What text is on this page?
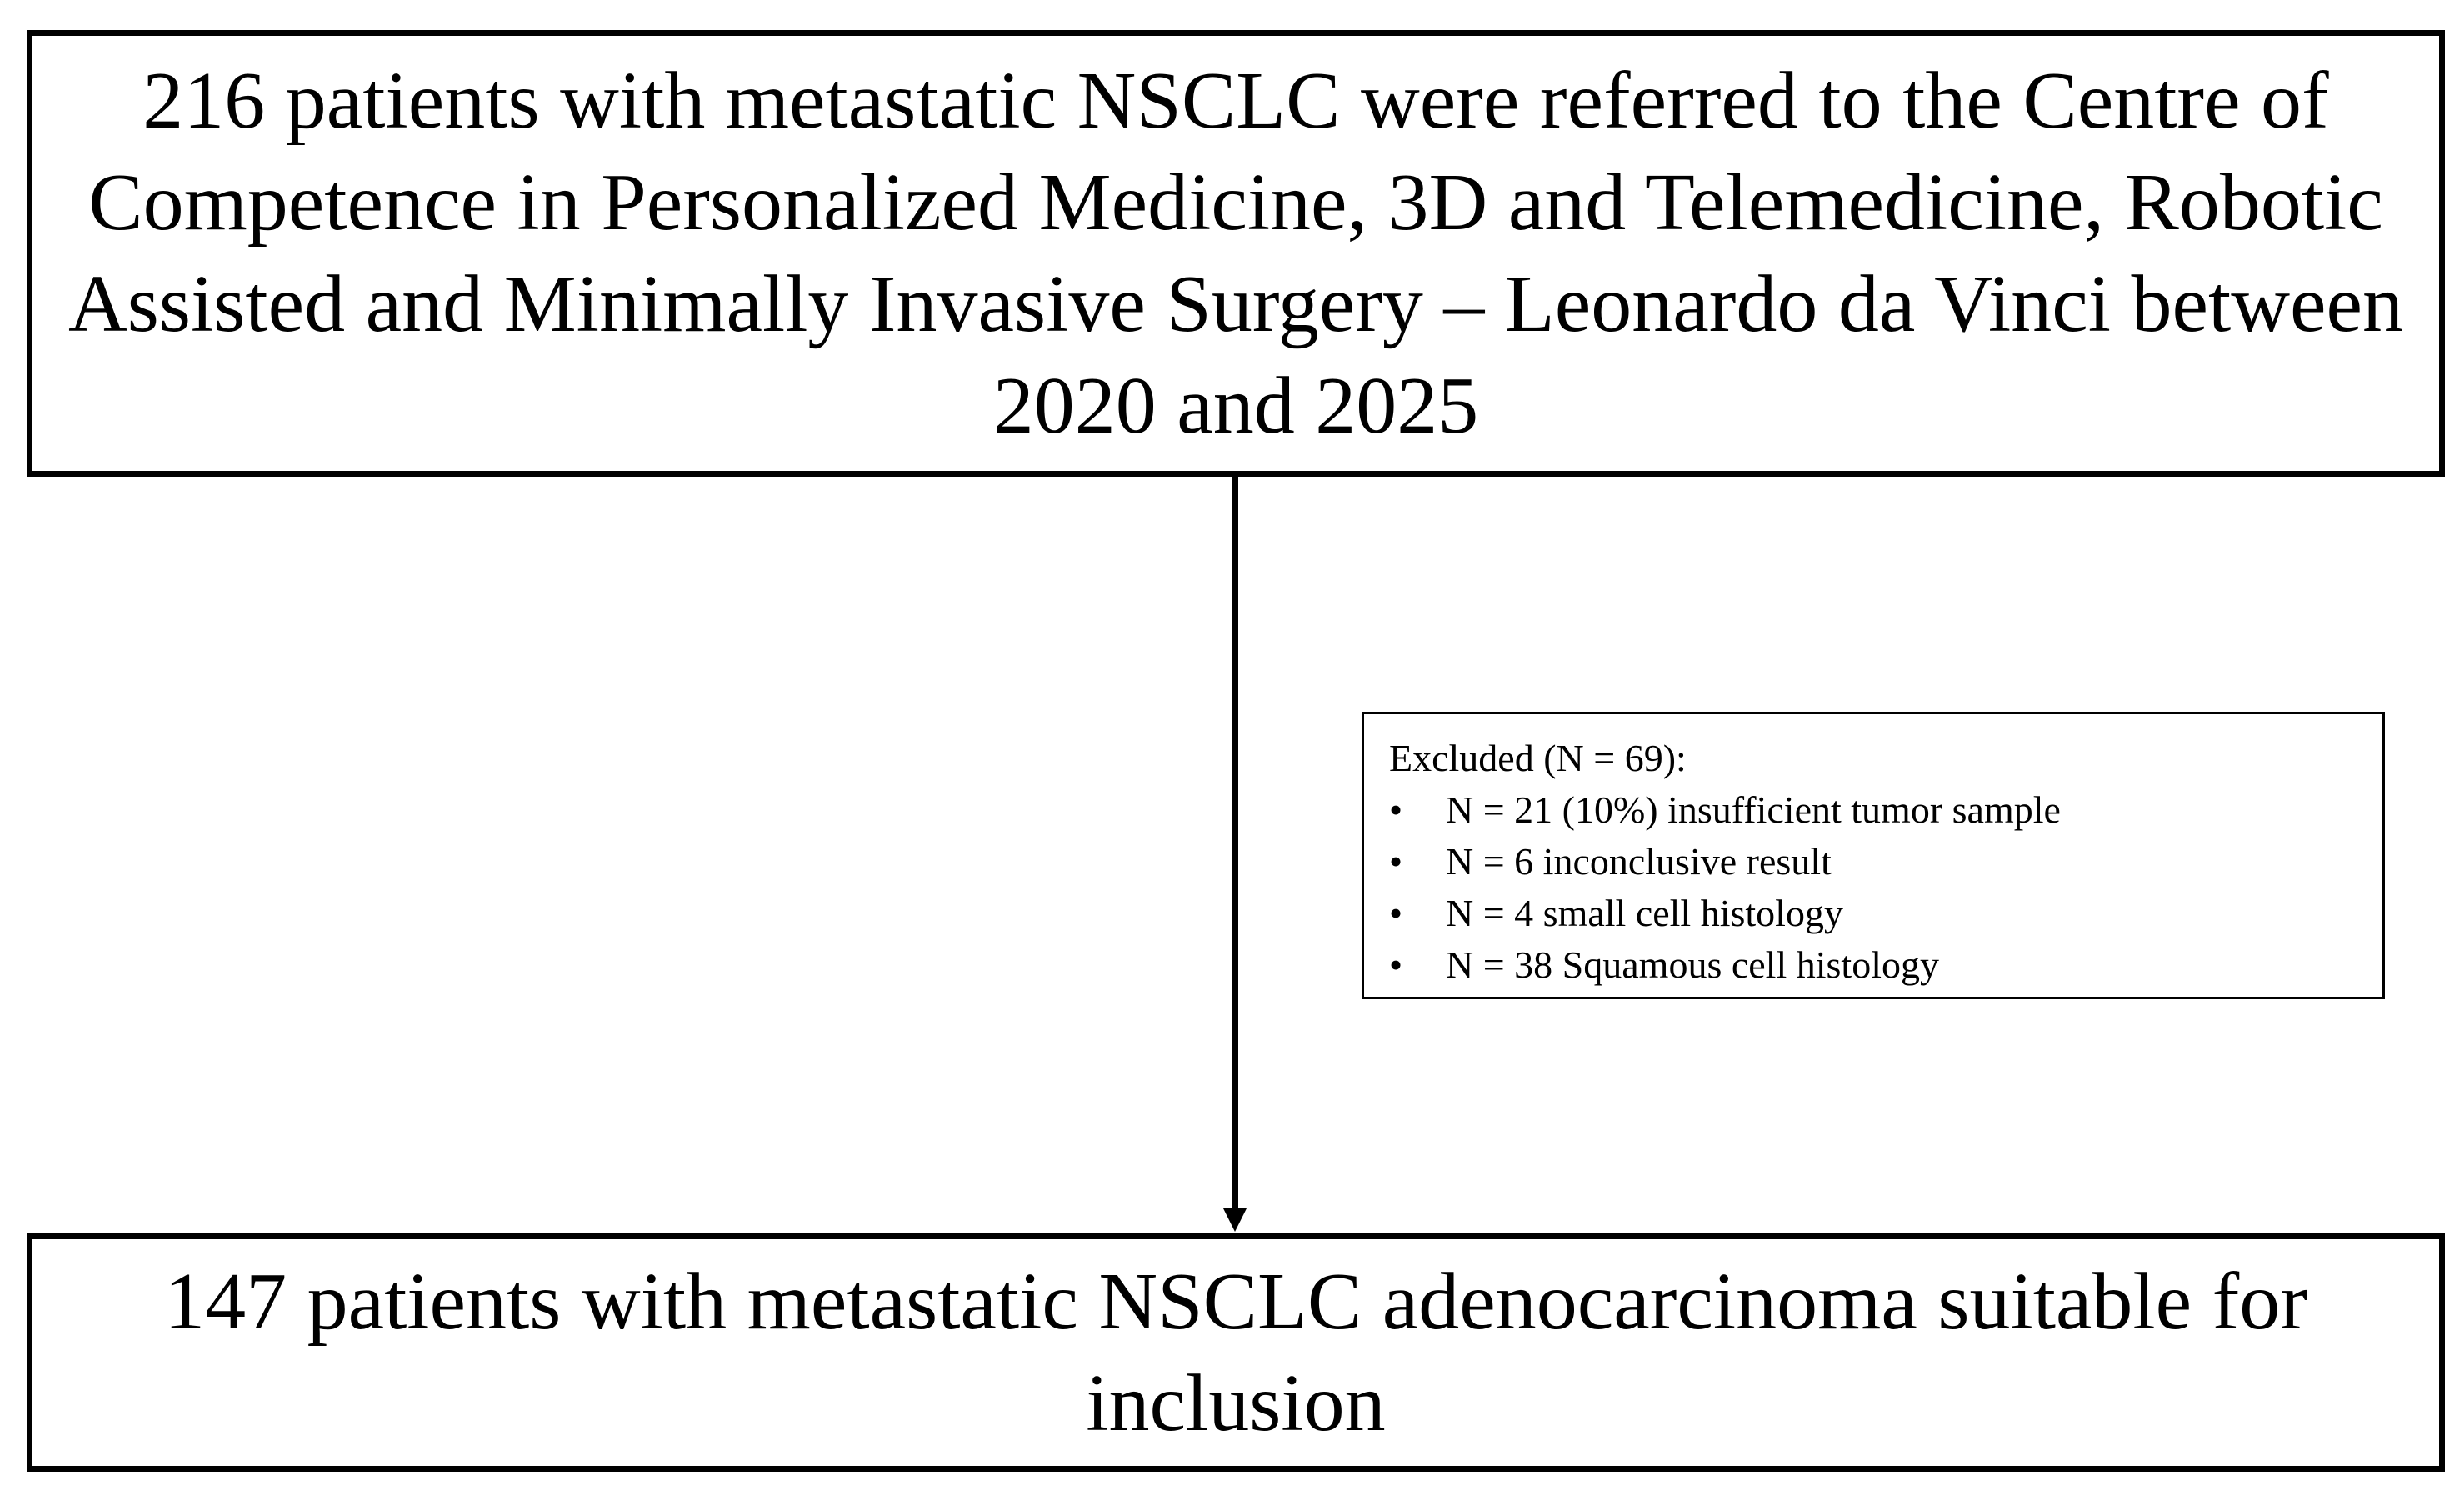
216 patients with metastatic NSCLC were referred to the Centre of Competence in Personalized Medicine, 3D and Telemedicine, Robotic Assisted and Minimally Invasive Surgery – Leonardo da Vinci between 2020 and 2025

Excluded (N = 69):

•	N = 21 (10%) insufficient tumor sample
•	N = 6 inconclusive result
•	N = 4 small cell histology
•	N = 38 Squamous cell histology
147 patients with metastatic NSCLC adenocarcinoma suitable for inclusion
